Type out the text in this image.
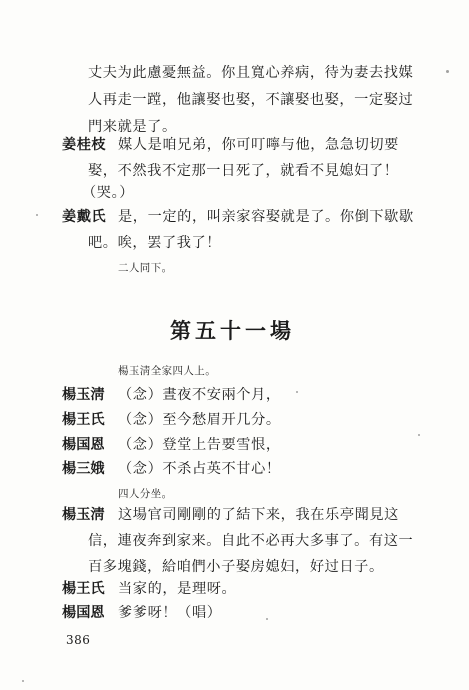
丈夫为此慮憂無益。你且寬心养病，待为妻去找媒
人再走一蹚，他讓娶也娶，不讓娶也娶，一定娶过
門来就是了。
姜桂枝 媒人是咱兄弟，你可叮嚀与他，急急切切要
娶，不然我不定那一日死了，就看不見媳妇了！
（哭。）
姜戴氏 是，一定的，叫亲家容娶就是了。你倒下歇歇
吧。唉，罢了我了！
二人同下。
第五十一場
楊玉淸全家四人上。
楊玉淸 （念）晝夜不安兩个月，
楊王氏 （念）至今愁眉开几分。
楊国恩 （念）登堂上告要雪恨，
楊三娥 （念）不杀占英不甘心！
四人分坐。
楊玉淸 这場官司剛剛的了結下来，我在乐亭聞見这
信，連夜奔到家来。自此不必再大多事了。有这一
百多塊錢，給咱們小子娶房媳妇，好过日子。
楊王氏 当家的，是理呀。
楊国恩 爹爹呀！（唱）
386
